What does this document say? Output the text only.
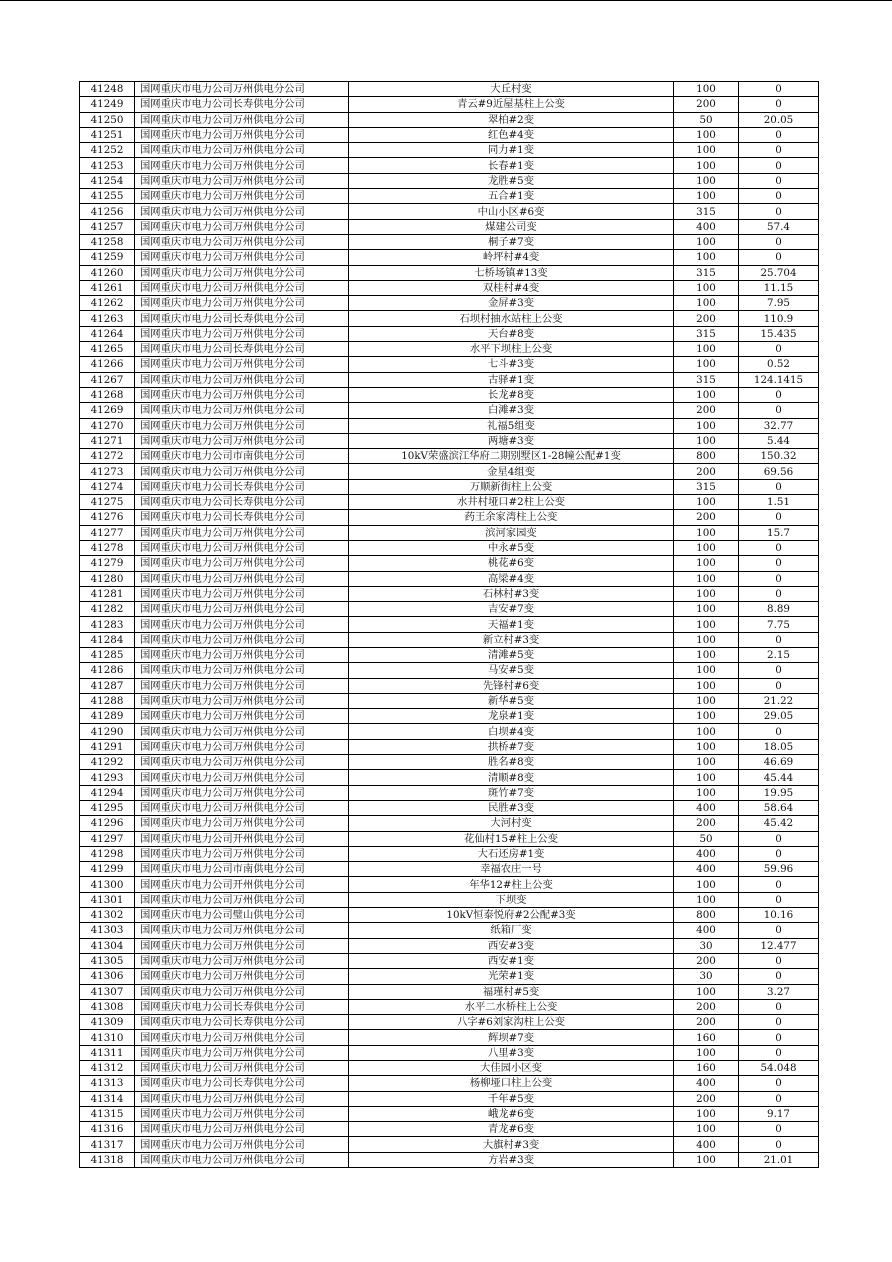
41248	国网重庆市电力公司万州供电分公司	大丘村变	100	0
41249	国网重庆市电力公司长寿供电分公司	青云#9近屋基柱上公变	200	0
41250	国网重庆市电力公司万州供电分公司	翠柏#2变	50	20.05
41251	国网重庆市电力公司万州供电分公司	红色#4变	100	0
41252	国网重庆市电力公司万州供电分公司	同力#1变	100	0
41253	国网重庆市电力公司万州供电分公司	长春#1变	100	0
41254	国网重庆市电力公司万州供电分公司	龙胜#5变	100	0
41255	国网重庆市电力公司万州供电分公司	五合#1变	100	0
41256	国网重庆市电力公司万州供电分公司	中山小区#6变	315	0
41257	国网重庆市电力公司万州供电分公司	煤建公司变	400	57.4
41258	国网重庆市电力公司万州供电分公司	桐子#7变	100	0
41259	国网重庆市电力公司万州供电分公司	岭坪村#4变	100	0
41260	国网重庆市电力公司万州供电分公司	七桥场镇#13变	315	25.704
41261	国网重庆市电力公司万州供电分公司	双桂村#4变	100	11.15
41262	国网重庆市电力公司万州供电分公司	金屏#3变	100	7.95
41263	国网重庆市电力公司长寿供电分公司	石坝村抽水站柱上公变	200	110.9
41264	国网重庆市电力公司万州供电分公司	天台#8变	315	15.435
41265	国网重庆市电力公司长寿供电分公司	水平下坝柱上公变	100	0
41266	国网重庆市电力公司万州供电分公司	七斗#3变	100	0.52
41267	国网重庆市电力公司万州供电分公司	古驿#1变	315	124.1415
41268	国网重庆市电力公司万州供电分公司	长龙#8变	100	0
41269	国网重庆市电力公司万州供电分公司	白滩#3变	200	0
41270	国网重庆市电力公司万州供电分公司	礼福5组变	100	32.77
41271	国网重庆市电力公司万州供电分公司	两塘#3变	100	5.44
41272	国网重庆市电力公司市南供电分公司	10kV荣盛滨江华府二期别墅区1-28幢公配#1变	800	150.32
41273	国网重庆市电力公司万州供电分公司	金星4组变	200	69.56
41274	国网重庆市电力公司长寿供电分公司	万顺新街柱上公变	315	0
41275	国网重庆市电力公司长寿供电分公司	水井村垭口#2柱上公变	100	1.51
41276	国网重庆市电力公司长寿供电分公司	药王余家湾柱上公变	200	0
41277	国网重庆市电力公司万州供电分公司	滨河家园变	100	15.7
41278	国网重庆市电力公司万州供电分公司	中永#5变	100	0
41279	国网重庆市电力公司万州供电分公司	桃花#6变	100	0
41280	国网重庆市电力公司万州供电分公司	高梁#4变	100	0
41281	国网重庆市电力公司万州供电分公司	石林村#3变	100	0
41282	国网重庆市电力公司万州供电分公司	吉安#7变	100	8.89
41283	国网重庆市电力公司万州供电分公司	天福#1变	100	7.75
41284	国网重庆市电力公司万州供电分公司	新立村#3变	100	0
41285	国网重庆市电力公司万州供电分公司	清滩#5变	100	2.15
41286	国网重庆市电力公司万州供电分公司	马安#5变	100	0
41287	国网重庆市电力公司万州供电分公司	先锋村#6变	100	0
41288	国网重庆市电力公司万州供电分公司	新华#5变	100	21.22
41289	国网重庆市电力公司万州供电分公司	龙泉#1变	100	29.05
41290	国网重庆市电力公司万州供电分公司	白坝#4变	100	0
41291	国网重庆市电力公司万州供电分公司	拱桥#7变	100	18.05
41292	国网重庆市电力公司万州供电分公司	胜名#8变	100	46.69
41293	国网重庆市电力公司万州供电分公司	清顺#8变	100	45.44
41294	国网重庆市电力公司万州供电分公司	斑竹#7变	100	19.95
41295	国网重庆市电力公司万州供电分公司	民胜#3变	400	58.64
41296	国网重庆市电力公司万州供电分公司	大河村变	200	45.42
41297	国网重庆市电力公司开州供电分公司	花仙村15#柱上公变	50	0
41298	国网重庆市电力公司万州供电分公司	大石还房#1变	400	0
41299	国网重庆市电力公司市南供电分公司	幸福农庄一号	400	59.96
41300	国网重庆市电力公司开州供电分公司	年华12#柱上公变	100	0
41301	国网重庆市电力公司万州供电分公司	下坝变	100	0
41302	国网重庆市电力公司璧山供电分公司	10kV恒泰悦府#2公配#3变	800	10.16
41303	国网重庆市电力公司万州供电分公司	纸箱厂变	400	0
41304	国网重庆市电力公司万州供电分公司	西安#3变	30	12.477
41305	国网重庆市电力公司万州供电分公司	西安#1变	200	0
41306	国网重庆市电力公司万州供电分公司	光荣#1变	30	0
41307	国网重庆市电力公司万州供电分公司	福瑾村#5变	100	3.27
41308	国网重庆市电力公司长寿供电分公司	水平二水桥柱上公变	200	0
41309	国网重庆市电力公司长寿供电分公司	八字#6刘家沟柱上公变	200	0
41310	国网重庆市电力公司万州供电分公司	辉坝#7变	160	0
41311	国网重庆市电力公司万州供电分公司	八里#3变	100	0
41312	国网重庆市电力公司万州供电分公司	大佳园小区变	160	54.048
41313	国网重庆市电力公司长寿供电分公司	杨柳垭口柱上公变	400	0
41314	国网重庆市电力公司万州供电分公司	千年#5变	200	0
41315	国网重庆市电力公司万州供电分公司	峨龙#6变	100	9.17
41316	国网重庆市电力公司万州供电分公司	青龙#6变	100	0
41317	国网重庆市电力公司万州供电分公司	大旗村#3变	400	0
41318	国网重庆市电力公司万州供电分公司	方岩#3变	100	21.01
